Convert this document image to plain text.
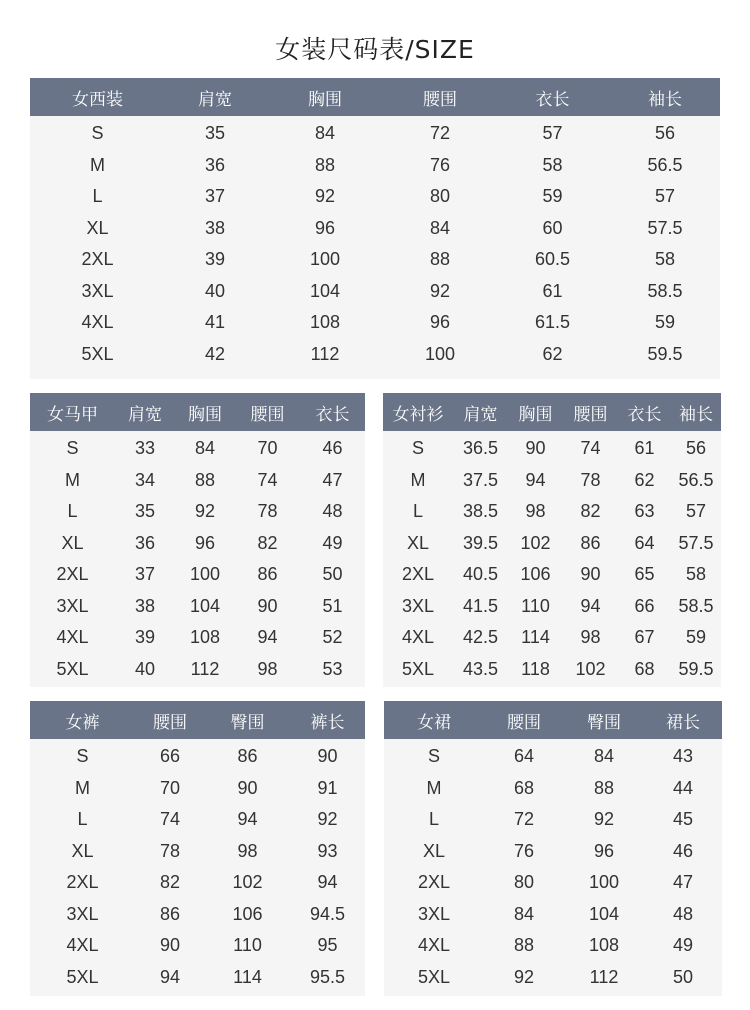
女装尺码表/SIZE
女西装	肩宽	胸围	腰围	衣长	袖长
S	35	84	72	57	56
M	36	88	76	58	56.5
L	37	92	80	59	57
XL	38	96	84	60	57.5
2XL	39	100	88	60.5	58
3XL	40	104	92	61	58.5
4XL	41	108	96	61.5	59
5XL	42	112	100	62	59.5
女马甲	肩宽	胸围	腰围	衣长
S	33	84	70	46
M	34	88	74	47
L	35	92	78	48
XL	36	96	82	49
2XL	37	100	86	50
3XL	38	104	90	51
4XL	39	108	94	52
5XL	40	112	98	53
女衬衫	肩宽	胸围	腰围	衣长	袖长
S	36.5	90	74	61	56
M	37.5	94	78	62	56.5
L	38.5	98	82	63	57
XL	39.5	102	86	64	57.5
2XL	40.5	106	90	65	58
3XL	41.5	110	94	66	58.5
4XL	42.5	114	98	67	59
5XL	43.5	118	102	68	59.5
女裤	腰围	臀围	裤长
S	66	86	90
M	70	90	91
L	74	94	92
XL	78	98	93
2XL	82	102	94
3XL	86	106	94.5
4XL	90	110	95
5XL	94	114	95.5
女裙	腰围	臀围	裙长
S	64	84	43
M	68	88	44
L	72	92	45
XL	76	96	46
2XL	80	100	47
3XL	84	104	48
4XL	88	108	49
5XL	92	112	50
